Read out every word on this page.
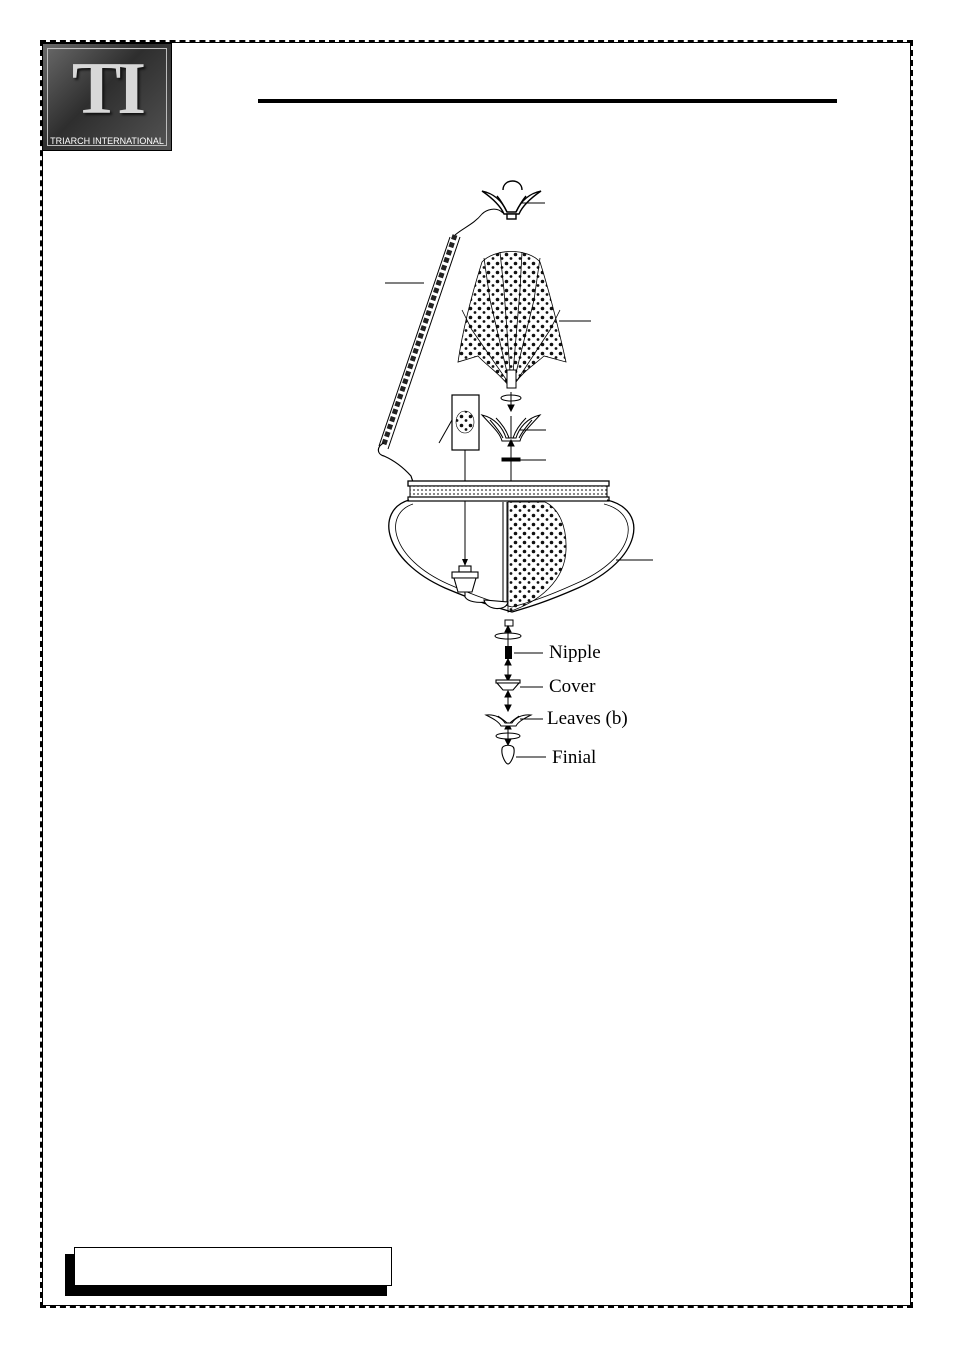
TI
TRIARCH INTERNATIONAL
Nipple
Cover
Leaves (b)
Finial
